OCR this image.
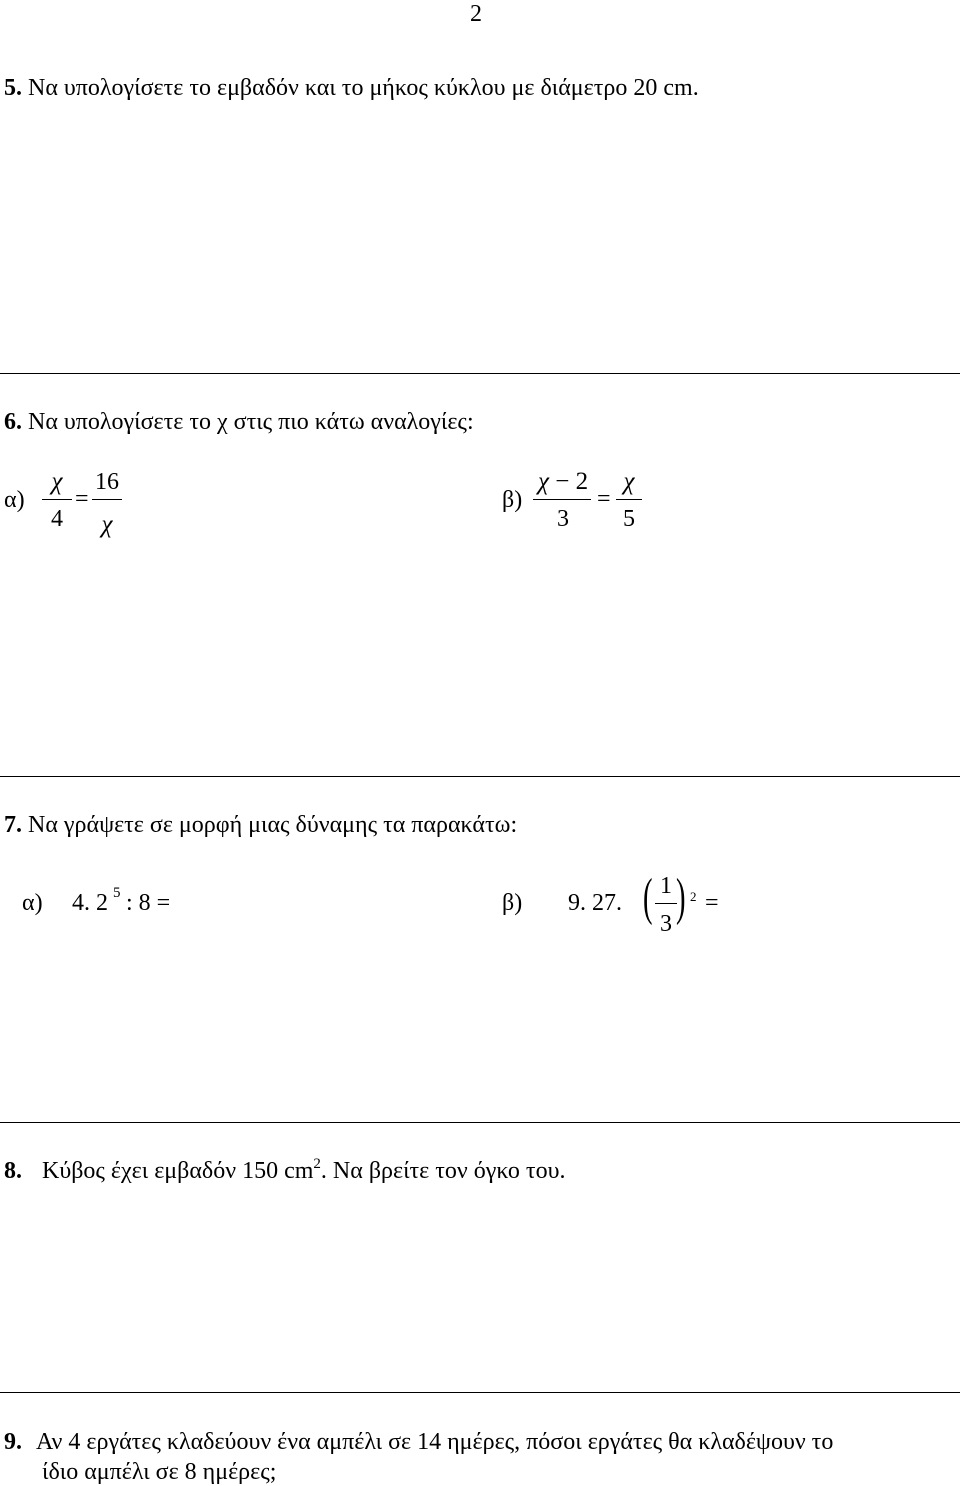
2
5. Να υπολογίσετε το εμβαδόν και το μήκος κύκλου με διάμετρο 20 cm.
6. Να υπολογίσετε το χ στις πιο κάτω αναλογίες:
α)
χ
4
=
16
χ
β)
χ − 2
3
=
χ
5
7. Να γράψετε σε μορφή μιας δύναμης τα παρακάτω:
α) 4. 2 5 : 8 =	β) 9. 27. ( 1
3 ) 2 =
8. Κύβος έχει εμβαδόν 150 $cm^2$. Να βρείτε τον όγκο του.
9. Αν 4 εργάτες κλαδεύουν ένα αμπέλι σε 14 ημέρες, πόσοι εργάτες θα κλαδέψουν το
ίδιο αμπέλι σε 8 ημέρες;
